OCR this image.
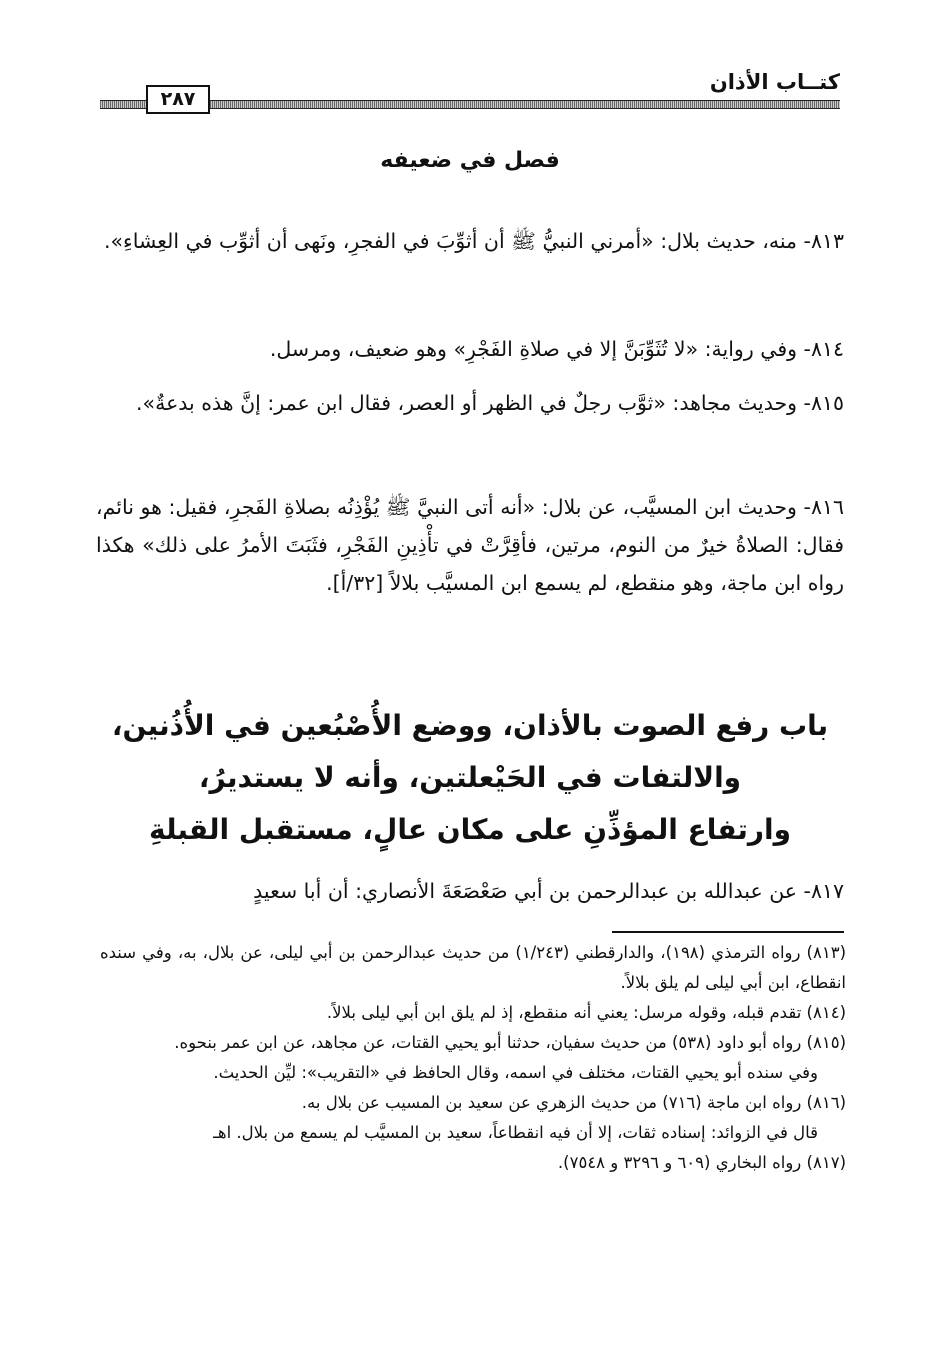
كتــاب الأذان
٢٨٧
فصل في ضعيفه

٨١٣- منه، حديث بلال: «أمرني النبيُّ ﷺ أن أثوِّبَ في الفجرِ، ونَهى أن أثوِّب في العِشاءِ».

٨١٤- وفي رواية: «لا تُثَوِّبَنَّ إلا في صلاةِ الفَجْرِ» وهو ضعيف، ومرسل.

٨١٥- وحديث مجاهد: «ثوَّب رجلٌ في الظهر أو العصر، فقال ابن عمر: إنَّ هذه بدعةٌ».

٨١٦- وحديث ابن المسيَّب، عن بلال: «أنه أتى النبيَّ ﷺ يُؤْذِنُه بصلاةِ الفَجرِ، فقيل: هو نائم، فقال: الصلاةُ خيرٌ من النوم، مرتين، فأقِرَّتْ في تأْذِينِ الفَجْرِ، فثَبَتَ الأمرُ على ذلك» هكذا رواه ابن ماجة، وهو منقطع، لم يسمع ابن المسيَّب بلالاً [٣٢/أ].

باب رفع الصوت بالأذان، ووضع الأُصْبُعين في الأُذُنين،
والالتفات في الحَيْعلتين، وأنه لا يستديرُ،
وارتفاع المؤذِّنِ على مكان عالٍ، مستقبل القبلةِ

٨١٧- عن عبدالله بن عبدالرحمن بن أبي صَعْصَعَةَ الأنصاري: أن أبا سعيدٍ

(٨١٣) رواه الترمذي (١٩٨)، والدارقطني (١/٢٤٣) من حديث عبدالرحمن بن أبي ليلى، عن بلال، به، وفي سنده انقطاع، ابن أبي ليلى لم يلق بلالاً.

(٨١٤) تقدم قبله، وقوله مرسل: يعني أنه منقطع، إذ لم يلق ابن أبي ليلى بلالاً.

(٨١٥) رواه أبو داود (٥٣٨) من حديث سفيان، حدثنا أبو يحيي القتات، عن مجاهد، عن ابن عمر بنحوه.

وفي سنده أبو يحيي القتات، مختلف في اسمه، وقال الحافظ في «التقريب»: ليِّن الحديث.

(٨١٦) رواه ابن ماجة (٧١٦) من حديث الزهري عن سعيد بن المسيب عن بلال به.

قال في الزوائد: إسناده ثقات، إلا أن فيه انقطاعاً، سعيد بن المسيَّب لم يسمع من بلال. اهـ

(٨١٧) رواه البخاري (٦٠٩ و ٣٢٩٦ و ٧٥٤٨).
